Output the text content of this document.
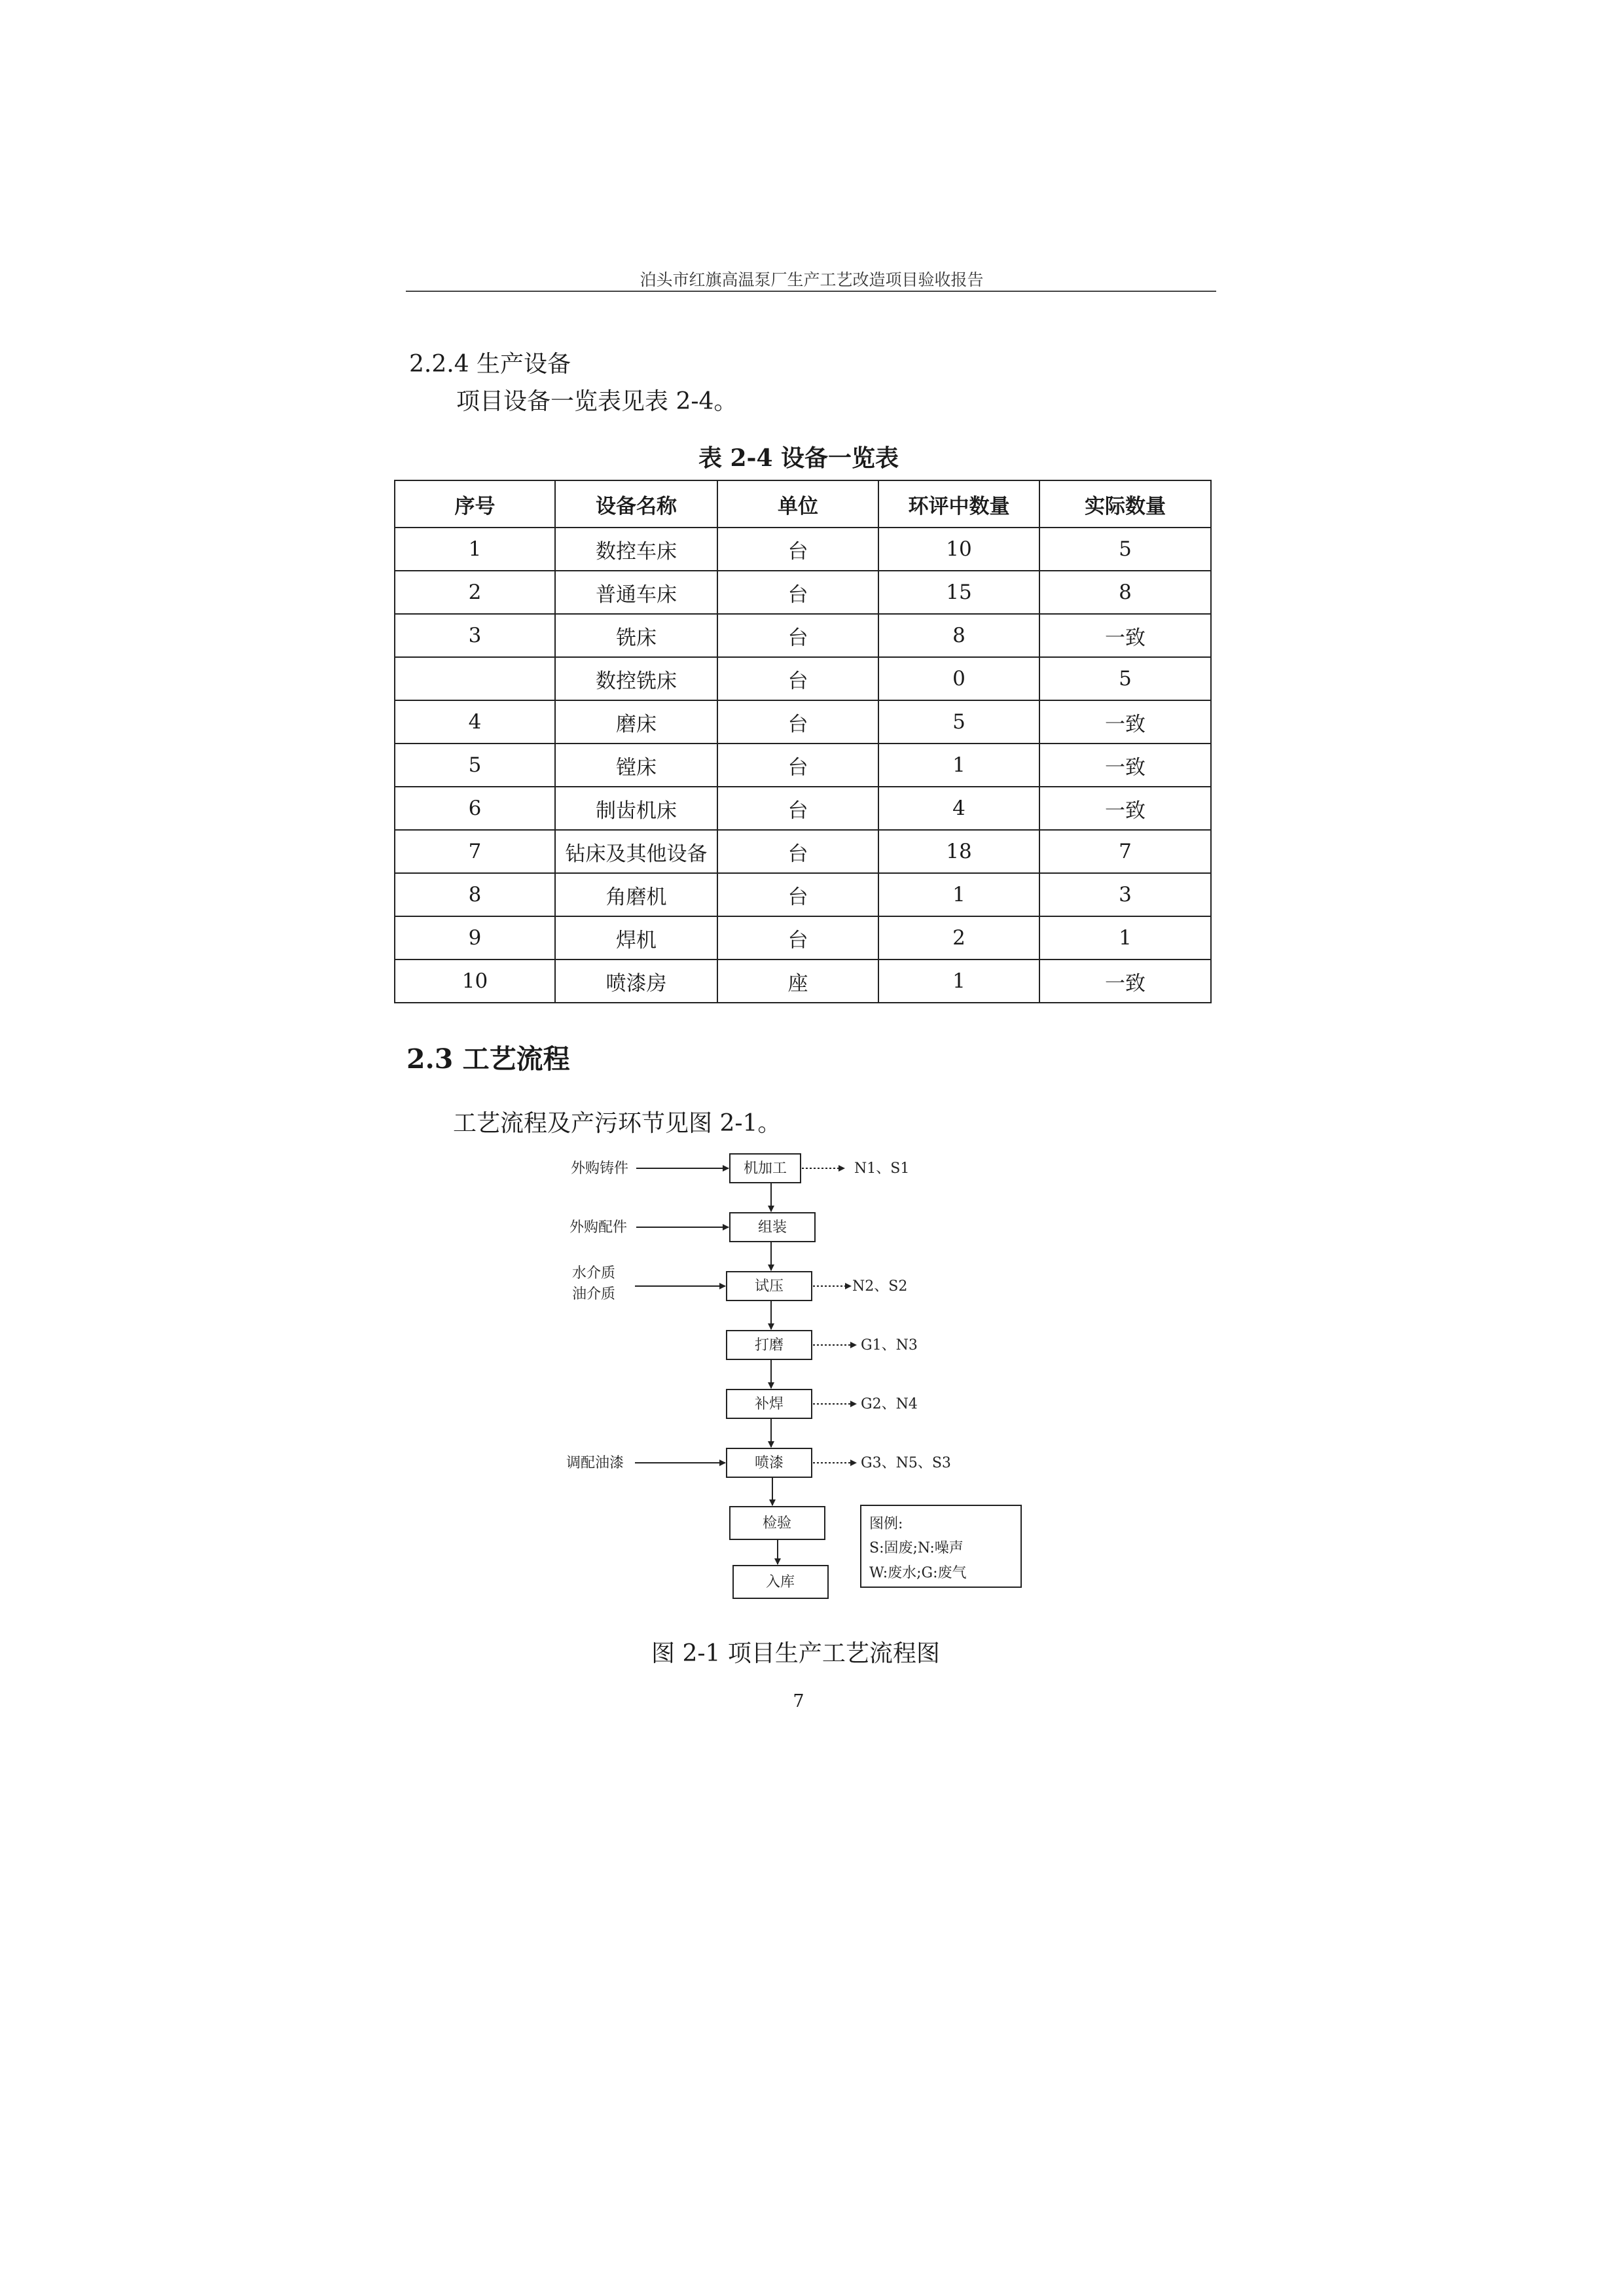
泊头市红旗高温泵厂生产工艺改造项目验收报告
2.2.4 生产设备
项目设备一览表见表 2-4。
表 2-4 设备一览表
序号	设备名称	单位	环评中数量	实际数量
1	数控车床	台	10	5
2	普通车床	台	15	8
3	铣床	台	8	一致
	数控铣床	台	0	5
4	磨床	台	5	一致
5	镗床	台	1	一致
6	制齿机床	台	4	一致
7	钻床及其他设备	台	18	7
8	角磨机	台	1	3
9	焊机	台	2	1
10	喷漆房	座	1	一致
2.3 工艺流程
工艺流程及产污环节见图 2-1。
机加工
组装
试压
打磨
补焊
喷漆
检验
入库
外购铸件
外购配件
水介质
油介质
调配油漆
N1、S1
N2、S2
G1、N3
G2、N4
G3、N5、S3
图例:
S:固废;N:噪声
W:废水;G:废气
图 2-1 项目生产工艺流程图
7
